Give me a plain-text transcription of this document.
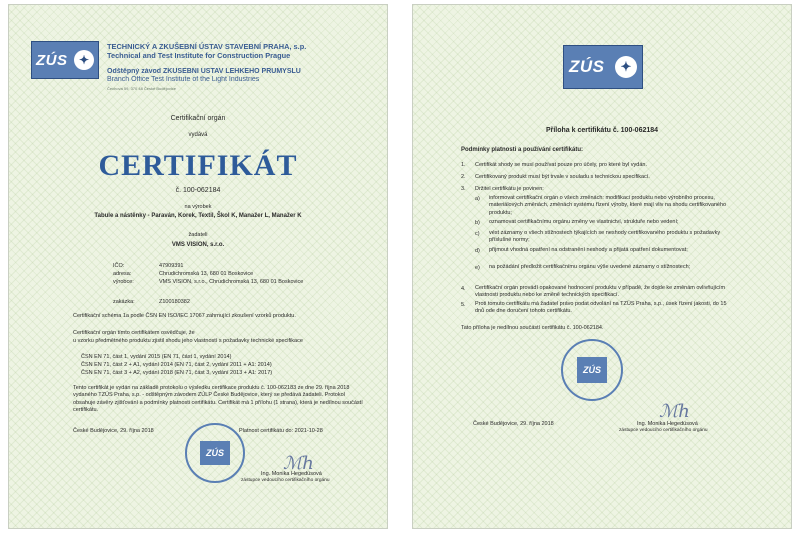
ZÚS ✦
TECHNICKÝ A ZKUŠEBNÍ ÚSTAV STAVEBNÍ PRAHA, s.p.
Technical and Test Institute for Construction Prague
Odštěpný závod ZKUŠEBNÍ ÚSTAV LEHKÉHO PRŮMYSLU
Branch Office Test Institute of the Light Industries
Čechova 59, 370 48 České Budějovice
Certifikační orgán
vydává
CERTIFIKÁT
č. 100-062184
na výrobek
Tabule a nástěnky - Paraván, Korek, Textil, Škol K, Manažer L, Manažer K
žadateli
VMS VISION, s.r.o.
IČO:	47909391
adresa:	Chrudichromská 13, 680 01 Boskovice
výrobce:	VMS VISION, s.r.o., Chrudichromská 13, 680 01 Boskovice
zakázka:	Z100180382
Certifikační schéma 1a podle ČSN EN ISO/IEC 17067 zahrnující zkoušení vzorků produktu.
Certifikační orgán tímto certifikátem osvědčuje, že
u vzorku předmětného produktu zjistil shodu jeho vlastností s požadavky technické specifikace
ČSN EN 71, část 1, vydání 2015 (EN 71, část 1, vydání 2014)
ČSN EN 71, část 2 + A1, vydání 2014 (EN 71, část 2, vydání 2011 + A1: 2014)
ČSN EN 71, část 3 + A2, vydání 2018 (EN 71, část 3, vydání 2013 + A1: 2017)
Tento certifikát je vydán na základě protokolu o výsledku certifikace produktu č. 100-062183 ze dne 29. října 2018 vydaného TZÚS Praha, s.p. - odštěpným závodem ZÚLP České Budějovice, který se předává žadateli. Protokol obsahuje závěry zjišťování a podmínky platnosti certifikátu. Certifikát má 1 přílohu (1 strana), která je nedílnou součástí certifikátu.
České Budějovice, 29. října 2018	Platnost certifikátu do: 2021-10-28
ZÚS	ℳh
Ing. Monika Hegedüsová
zástupce vedoucího certifikačního orgánu
ZÚS	✦
Příloha k certifikátu č. 100-062184
Podmínky platnosti a používání certifikátu:
1.	Certifikát shody se musí používat pouze pro účely, pro které byl vydán.
2.	Certifikovaný produkt musí být trvale v souladu s technickou specifikací.
3.	Držitel certifikátu je povinen:
a)	informovat certifikační orgán o všech změnách: modifikaci produktu nebo výrobního procesu, materiálových změnách, změnách systému řízení výroby, které mají vliv na shodu certifikovaného produktu;
b)	oznamovat certifikačnímu orgánu změny ve vlastnictví, struktuře nebo vedení;
c)	vést záznamy o všech stížnostech týkajících se neshody certifikovaného produktu s požadavky příslušné normy;
d)	přijmout vhodná opatření na odstranění neshody a přijatá opatření dokumentovat;
e)	na požádání předložit certifikačnímu orgánu výše uvedené záznamy o stížnostech;
4.	Certifikační orgán provádí opakované hodnocení produktu v případě, že dojde ke změnám ovlivňujícím vlastnosti produktu nebo ke změně technických specifikací.
5.	Proti tomuto certifikátu má žadatel právo podat odvolání na TZÚS Praha, s.p., úsek řízení jakosti, do 15 dnů ode dne doručení tohoto certifikátu.
Tato příloha je nedílnou součástí certifikátu č. 100-062184.
ZÚS
ℳh
České Budějovice, 29. října 2018	Ing. Monika Hegedüsová
zástupce vedoucího certifikačního orgánu
